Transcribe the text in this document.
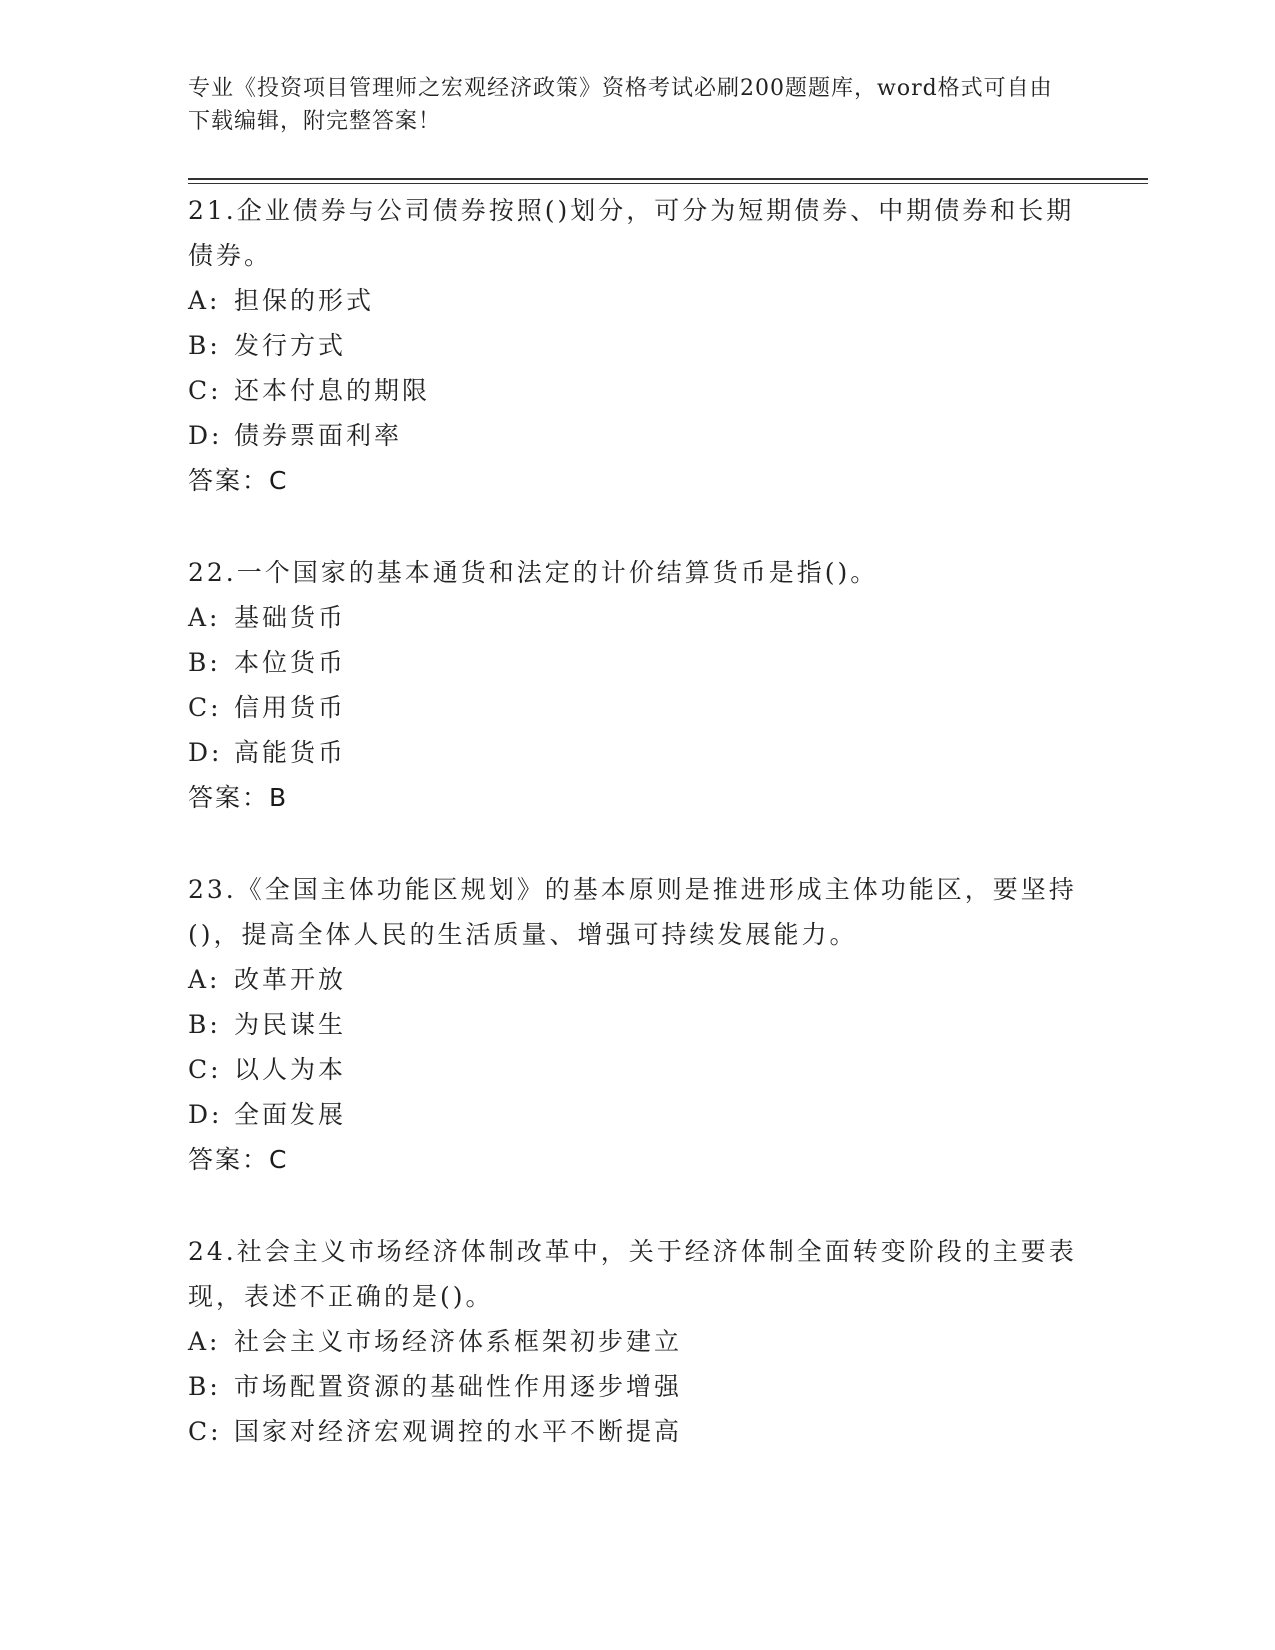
专业《投资项目管理师之宏观经济政策》资格考试必刷200题题库，word格式可自由下载编辑，附完整答案！

21.企业债券与公司债券按照()划分，可分为短期债券、中期债券和长期债券。

A: 担保的形式

B: 发行方式

C: 还本付息的期限

D: 债券票面利率

答案：C

22.一个国家的基本通货和法定的计价结算货币是指()。

A: 基础货币

B: 本位货币

C: 信用货币

D: 高能货币

答案：B

23.《全国主体功能区规划》的基本原则是推进形成主体功能区，要坚持()，提高全体人民的生活质量、增强可持续发展能力。

A: 改革开放

B: 为民谋生

C: 以人为本

D: 全面发展

答案：C

24.社会主义市场经济体制改革中，关于经济体制全面转变阶段的主要表现，表述不正确的是()。

A: 社会主义市场经济体系框架初步建立

B: 市场配置资源的基础性作用逐步增强

C: 国家对经济宏观调控的水平不断提高
